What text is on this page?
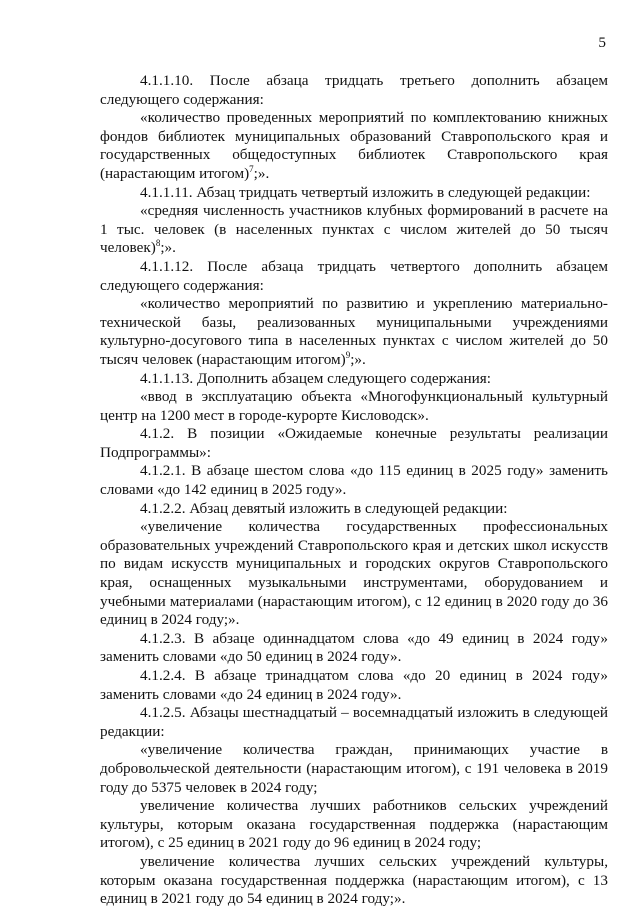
5

4.1.1.10. После абзаца тридцать третьего дополнить абзацем следующего содержания:

«количество проведенных мероприятий по комплектованию книжных фондов библиотек муниципальных образований Ставропольского края и государственных общедоступных библиотек Ставропольского края (нарастающим итогом)$^7$;».

4.1.1.11. Абзац тридцать четвертый изложить в следующей редакции:

«средняя численность участников клубных формирований в расчете на 1 тыс. человек (в населенных пунктах с числом жителей до 50 тысяч человек)$^8$;».

4.1.1.12. После абзаца тридцать четвертого дополнить абзацем следующего содержания:

«количество мероприятий по развитию и укреплению материально-технической базы, реализованных муниципальными учреждениями культурно-досугового типа в населенных пунктах с числом жителей до 50 тысяч человек (нарастающим итогом)$^9$;».

4.1.1.13. Дополнить абзацем следующего содержания:

«ввод в эксплуатацию объекта «Многофункциональный культурный центр на 1200 мест в городе-курорте Кисловодск».

4.1.2. В позиции «Ожидаемые конечные результаты реализации Подпрограммы»:

4.1.2.1. В абзаце шестом слова «до 115 единиц в 2025 году» заменить словами «до 142 единиц в 2025 году».

4.1.2.2. Абзац девятый изложить в следующей редакции:

«увеличение количества государственных профессиональных образовательных учреждений Ставропольского края и детских школ искусств по видам искусств муниципальных и городских округов Ставропольского края, оснащенных музыкальными инструментами, оборудованием и учебными материалами (нарастающим итогом), с 12 единиц в 2020 году до 36 единиц в 2024 году;».

4.1.2.3. В абзаце одиннадцатом слова «до 49 единиц в 2024 году» заменить словами «до 50 единиц в 2024 году».

4.1.2.4. В абзаце тринадцатом слова «до 20 единиц в 2024 году» заменить словами «до 24 единиц в 2024 году».

4.1.2.5. Абзацы шестнадцатый – восемнадцатый изложить в следующей редакции:

«увеличение количества граждан, принимающих участие в добровольческой деятельности (нарастающим итогом), с 191 человека в 2019 году до 5375 человек в 2024 году;

увеличение количества лучших работников сельских учреждений культуры, которым оказана государственная поддержка (нарастающим итогом), с 25 единиц в 2021 году до 96 единиц в 2024 году;

увеличение количества лучших сельских учреждений культуры, которым оказана государственная поддержка (нарастающим итогом), с 13 единиц в 2021 году до 54 единиц в 2024 году;».
